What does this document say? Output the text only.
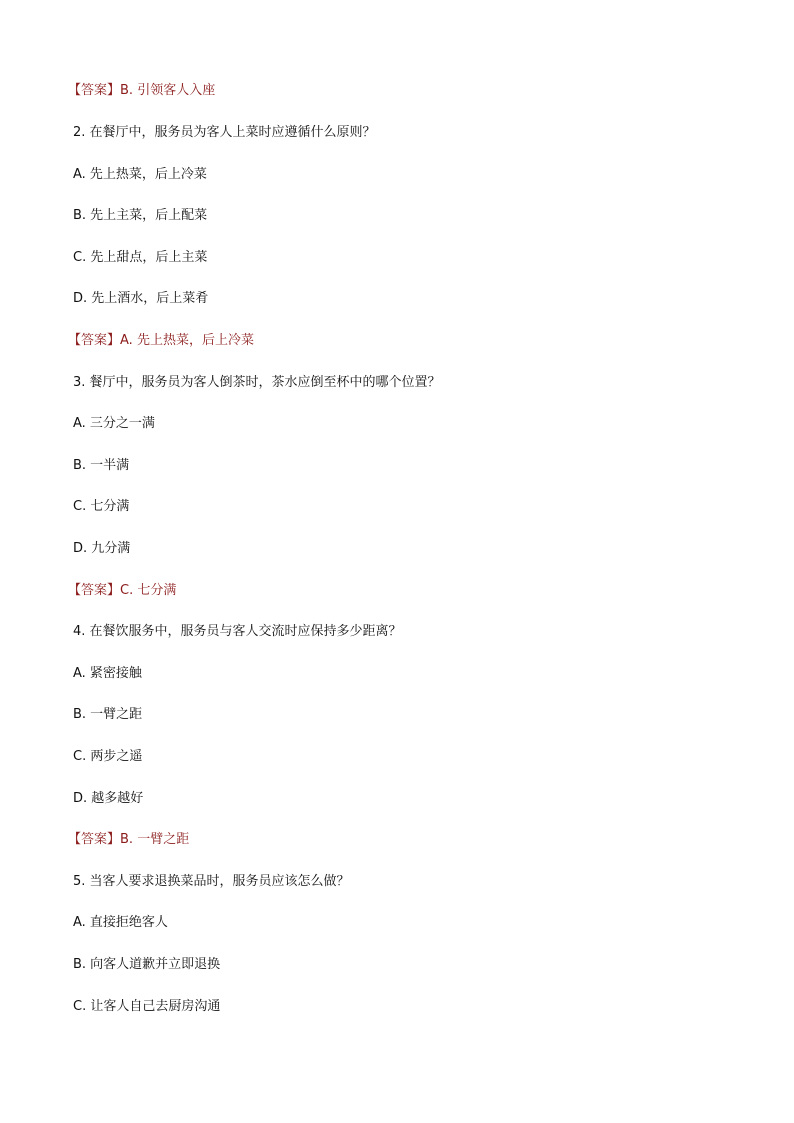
【答案】B. 引领客人入座
2. 在餐厅中，服务员为客人上菜时应遵循什么原则？
A. 先上热菜，后上冷菜
B. 先上主菜，后上配菜
C. 先上甜点，后上主菜
D. 先上酒水，后上菜肴
【答案】A. 先上热菜，后上冷菜
3. 餐厅中，服务员为客人倒茶时，茶水应倒至杯中的哪个位置？
A. 三分之一满
B. 一半满
C. 七分满
D. 九分满
【答案】C. 七分满
4. 在餐饮服务中，服务员与客人交流时应保持多少距离？
A. 紧密接触
B. 一臂之距
C. 两步之遥
D. 越多越好
【答案】B. 一臂之距
5. 当客人要求退换菜品时，服务员应该怎么做？
A. 直接拒绝客人
B. 向客人道歉并立即退换
C. 让客人自己去厨房沟通
